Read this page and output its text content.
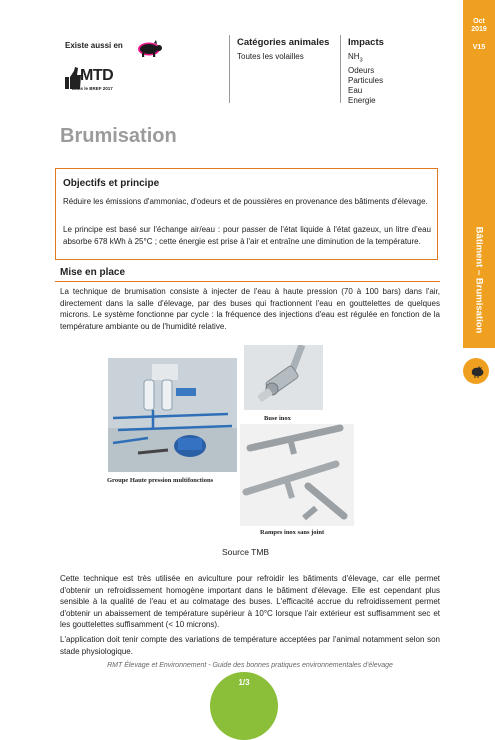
Oct
2019
V15
Bâtiment – Brumisation
Existe aussi en
MTD
Dans le BREF 2017
Catégories animales
Toutes les volailles
Impacts
$NH_3$
Odeurs
Particules
Eau
Energie
Brumisation
Objectifs et principe
Réduire les émissions d'ammoniac, d'odeurs et de poussières en provenance des bâtiments d'élevage.
Le principe est basé sur l'échange air/eau : pour passer de l'état liquide à l'état gazeux, un litre d'eau absorbe 678 kWh à 25°C ; cette énergie est prise à l'air et entraîne une diminution de la température.
Mise en place
La technique de brumisation consiste à injecter de l'eau à haute pression (70 à 100 bars) dans l'air, directement dans la salle d'élevage, par des buses qui fractionnent l'eau en gouttelettes de quelques microns. Le système fonctionne par cycle : la fréquence des injections d'eau est régulée en fonction de la température ambiante ou de l'humidité relative.
Groupe Haute pression multifonctions
Buse inox
Rampes inox sans joint
Source TMB
Cette technique est très utilisée en aviculture pour refroidir les bâtiments d'élevage, car elle permet d'obtenir un refroidissement homogène important dans le bâtiment d'élevage. Elle est cependant plus sensible à la qualité de l'eau et au colmatage des buses. L'efficacité accrue du refroidissement permet d'obtenir un abaissement de température supérieur à 10°C lorsque l'air extérieur est suffisamment sec et les gouttelettes suffisamment (< 10 microns).
L'application doit tenir compte des variations de température acceptées par l'animal notamment selon son stade physiologique.
RMT Élevage et Environnement - Guide des bonnes pratiques environnementales d'élevage
1/3
